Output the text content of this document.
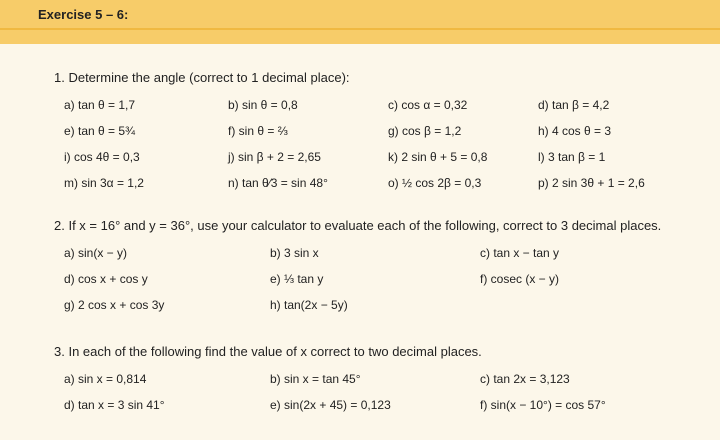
Exercise 5 – 6:
1. Determine the angle (correct to 1 decimal place):
a) tan θ = 1,7	b) sin θ = 0,8	c) cos α = 0,32	d) tan β = 4,2
e) tan θ = 5¾	f) sin θ = ⅔	g) cos β = 1,2	h) 4 cos θ = 3
i) cos 4θ = 0,3	j) sin β + 2 = 2,65	k) 2 sin θ + 5 = 0,8	l) 3 tan β = 1
m) sin 3α = 1,2	n) tan θ⁄3 = sin 48°	o) ½ cos 2β = 0,3	p) 2 sin 3θ + 1 = 2,6
2. If x = 16° and y = 36°, use your calculator to evaluate each of the following, correct to 3 decimal places.
a) sin(x − y)	b) 3 sin x	c) tan x − tan y
d) cos x + cos y	e) ⅓ tan y	f) cosec (x − y)
g) 2 cos x + cos 3y	h) tan(2x − 5y)
3. In each of the following find the value of x correct to two decimal places.
a) sin x = 0,814	b) sin x = tan 45°	c) tan 2x = 3,123
d) tan x = 3 sin 41°	e) sin(2x + 45) = 0,123	f) sin(x − 10°) = cos 57°
